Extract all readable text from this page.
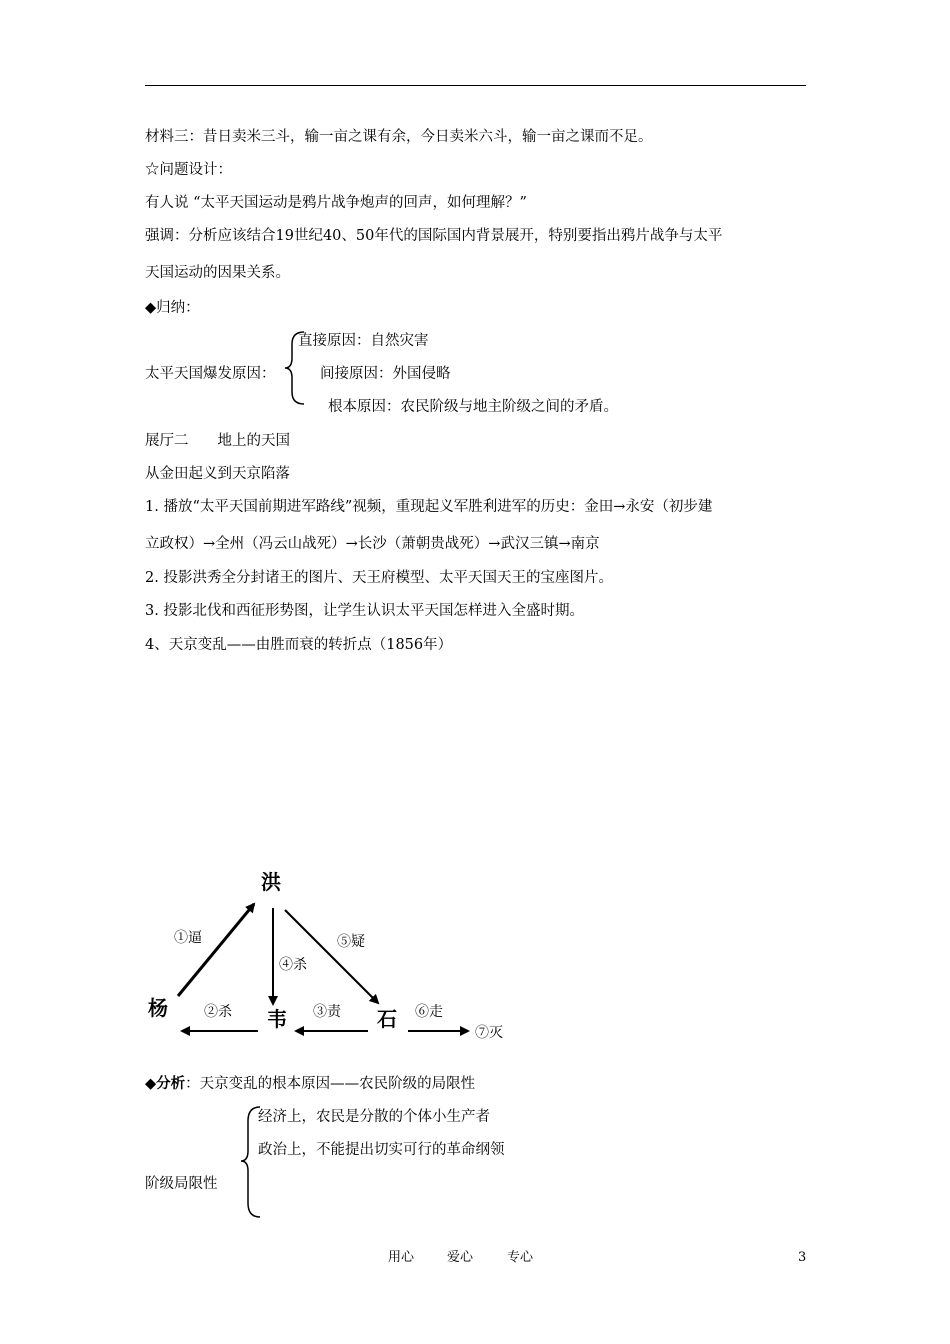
材料三：昔日卖米三斗，输一亩之课有余，今日卖米六斗，输一亩之课而不足。
☆问题设计：
有人说 “太平天国运动是鸦片战争炮声的回声，如何理解？”
强调：分析应该结合19世纪40、50年代的国际国内背景展开，特别要指出鸦片战争与太平
天国运动的因果关系。
◆归纳：
太平天国爆发原因：
直接原因：自然灾害
间接原因：外国侵略
根本原因：农民阶级与地主阶级之间的矛盾。
展厅二　　地上的天国
从金田起义到天京陷落
1. 播放“太平天国前期进军路线”视频，重现起义军胜利进军的历史：金田→永安（初步建
立政权）→全州（冯云山战死）→长沙（萧朝贵战死）→武汉三镇→南京
2. 投影洪秀全分封诸王的图片、天王府模型、太平天国天王的宝座图片。
3. 投影北伐和西征形势图，让学生认识太平天国怎样进入全盛时期。
4、天京变乱——由胜而衰的转折点（1856年）
洪
杨	韦	石
①逼
②杀	③责
④杀
⑤疑
⑥走
⑦灭
◆分析：天京变乱的根本原因——农民阶级的局限性
阶级局限性
经济上，农民是分散的个体小生产者
政治上，不能提出切实可行的革命纲领
用心	爱心	专心	3
